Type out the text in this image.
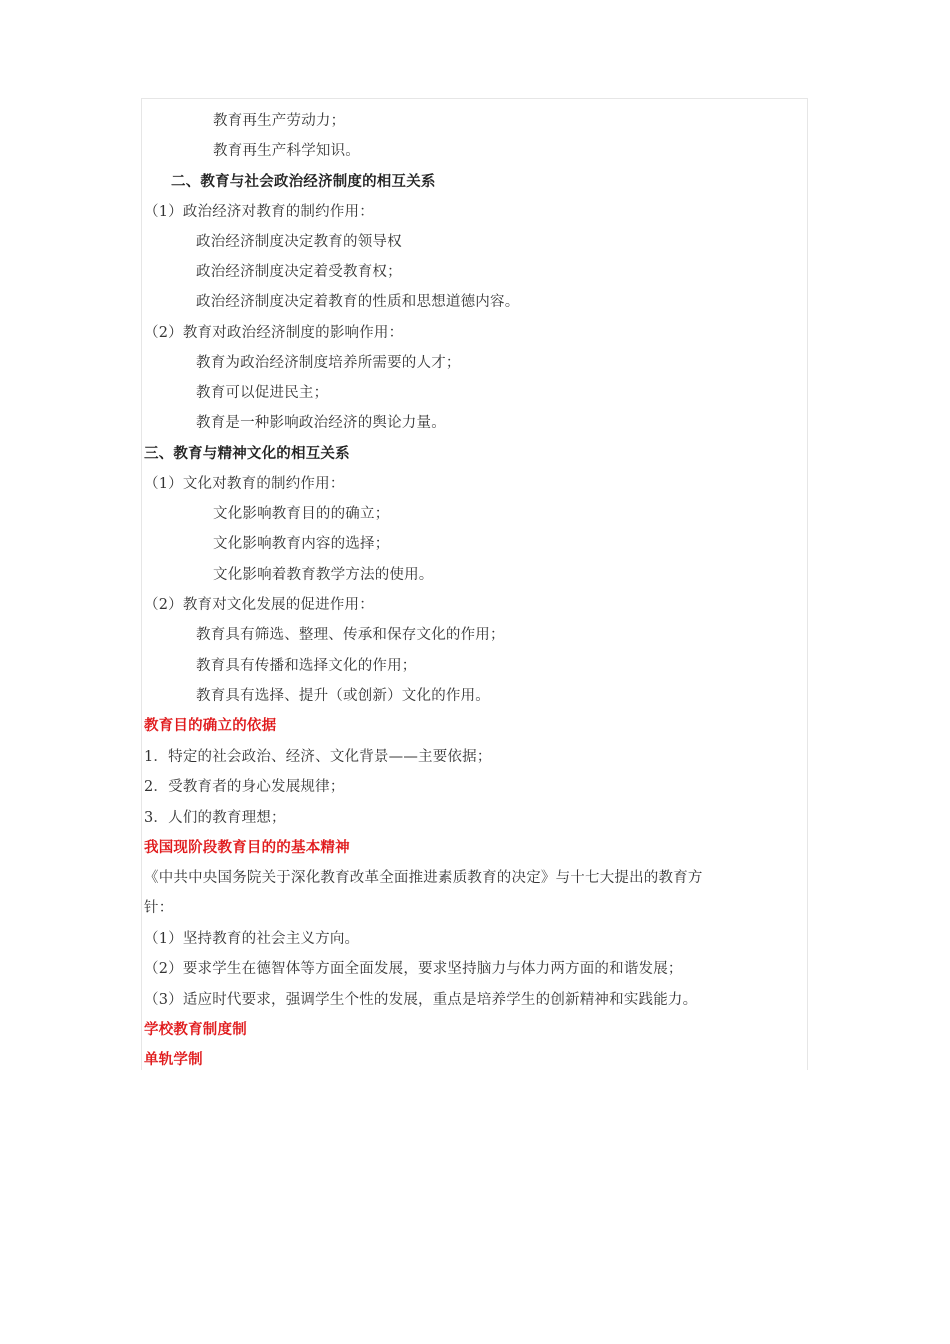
教育再生产劳动力；
教育再生产科学知识。
二、教育与社会政治经济制度的相互关系
（1）政治经济对教育的制约作用：
政治经济制度决定教育的领导权
政治经济制度决定着受教育权；
政治经济制度决定着教育的性质和思想道德内容。
（2）教育对政治经济制度的影响作用：
教育为政治经济制度培养所需要的人才；
教育可以促进民主；
教育是一种影响政治经济的舆论力量。
三、教育与精神文化的相互关系
（1）文化对教育的制约作用：
文化影响教育目的的确立；
文化影响教育内容的选择；
文化影响着教育教学方法的使用。
（2）教育对文化发展的促进作用：
教育具有筛选、整理、传承和保存文化的作用；
教育具有传播和选择文化的作用；
教育具有选择、提升（或创新）文化的作用。
教育目的确立的依据
1．特定的社会政治、经济、文化背景——主要依据；
2．受教育者的身心发展规律；
3．人们的教育理想；
我国现阶段教育目的的基本精神
《中共中央国务院关于深化教育改革全面推进素质教育的决定》与十七大提出的教育方
针：
（1）坚持教育的社会主义方向。
（2）要求学生在德智体等方面全面发展，要求坚持脑力与体力两方面的和谐发展；
（3）适应时代要求，强调学生个性的发展，重点是培养学生的创新精神和实践能力。
学校教育制度制
单轨学制
